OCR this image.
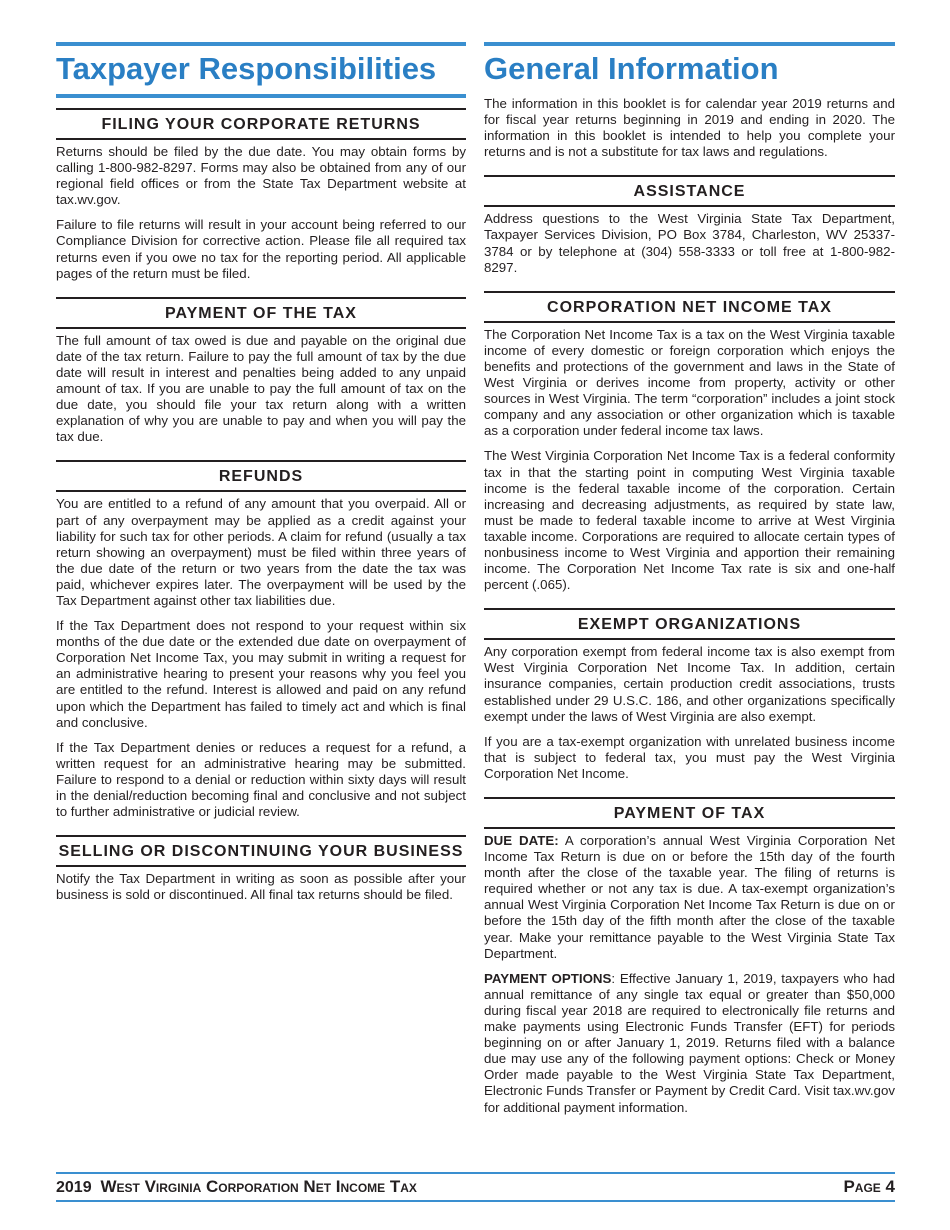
Taxpayer Responsibilities
FILING YOUR CORPORATE RETURNS

Returns should be filed by the due date. You may obtain forms by calling 1-800-982-8297. Forms may also be obtained from any of our regional field offices or from the State Tax Department website at tax.wv.gov.

Failure to file returns will result in your account being referred to our Compliance Division for corrective action. Please file all required tax returns even if you owe no tax for the reporting period. All applicable pages of the return must be filed.

PAYMENT OF THE TAX

The full amount of tax owed is due and payable on the original due date of the tax return. Failure to pay the full amount of tax by the due date will result in interest and penalties being added to any unpaid amount of tax. If you are unable to pay the full amount of tax on the due date, you should file your tax return along with a written explanation of why you are unable to pay and when you will pay the tax due.

REFUNDS

You are entitled to a refund of any amount that you overpaid. All or part of any overpayment may be applied as a credit against your liability for such tax for other periods. A claim for refund (usually a tax return showing an overpayment) must be filed within three years of the due date of the return or two years from the date the tax was paid, whichever expires later. The overpayment will be used by the Tax Department against other tax liabilities due.

If the Tax Department does not respond to your request within six months of the due date or the extended due date on overpayment of Corporation Net Income Tax, you may submit in writing a request for an administrative hearing to present your reasons why you feel you are entitled to the refund. Interest is allowed and paid on any refund upon which the Department has failed to timely act and which is final and conclusive.

If the Tax Department denies or reduces a request for a refund, a written request for an administrative hearing may be submitted. Failure to respond to a denial or reduction within sixty days will result in the denial/reduction becoming final and conclusive and not subject to further administrative or judicial review.

SELLING OR DISCONTINUING YOUR BUSINESS

Notify the Tax Department in writing as soon as possible after your business is sold or discontinued. All final tax returns should be filed.

General Information

The information in this booklet is for calendar year 2019 returns and for fiscal year returns beginning in 2019 and ending in 2020. The information in this booklet is intended to help you complete your returns and is not a substitute for tax laws and regulations.

ASSISTANCE

Address questions to the West Virginia State Tax Department, Taxpayer Services Division, PO Box 3784, Charleston, WV 25337-3784 or by telephone at (304) 558-3333 or toll free at 1-800-982-8297.

CORPORATION NET INCOME TAX

The Corporation Net Income Tax is a tax on the West Virginia taxable income of every domestic or foreign corporation which enjoys the benefits and protections of the government and laws in the State of West Virginia or derives income from property, activity or other sources in West Virginia. The term “corporation” includes a joint stock company and any association or other organization which is taxable as a corporation under federal income tax laws.

The West Virginia Corporation Net Income Tax is a federal conformity tax in that the starting point in computing West Virginia taxable income is the federal taxable income of the corporation. Certain increasing and decreasing adjustments, as required by state law, must be made to federal taxable income to arrive at West Virginia taxable income. Corporations are required to allocate certain types of nonbusiness income to West Virginia and apportion their remaining income. The Corporation Net Income Tax rate is six and one-half percent (.065).

EXEMPT ORGANIZATIONS

Any corporation exempt from federal income tax is also exempt from West Virginia Corporation Net Income Tax. In addition, certain insurance companies, certain production credit associations, trusts established under 29 U.S.C. 186, and other organizations specifically exempt under the laws of West Virginia are also exempt.

If you are a tax-exempt organization with unrelated business income that is subject to federal tax, you must pay the West Virginia Corporation Net Income.

PAYMENT OF TAX

DUE DATE: A corporation’s annual West Virginia Corporation Net Income Tax Return is due on or before the 15th day of the fourth month after the close of the taxable year. The filing of returns is required whether or not any tax is due. A tax-exempt organization’s annual West Virginia Corporation Net Income Tax Return is due on or before the 15th day of the fifth month after the close of the taxable year. Make your remittance payable to the West Virginia State Tax Department.

PAYMENT OPTIONS: Effective January 1, 2019, taxpayers who had annual remittance of any single tax equal or greater than $50,000 during fiscal year 2018 are required to electronically file returns and make payments using Electronic Funds Transfer (EFT) for periods beginning on or after January 1, 2019. Returns filed with a balance due may use any of the following payment options: Check or Money Order made payable to the West Virginia State Tax Department, Electronic Funds Transfer or Payment by Credit Card. Visit tax.wv.gov for additional payment information.

2019 West Virginia Corporation Net Income Tax	Page 4
